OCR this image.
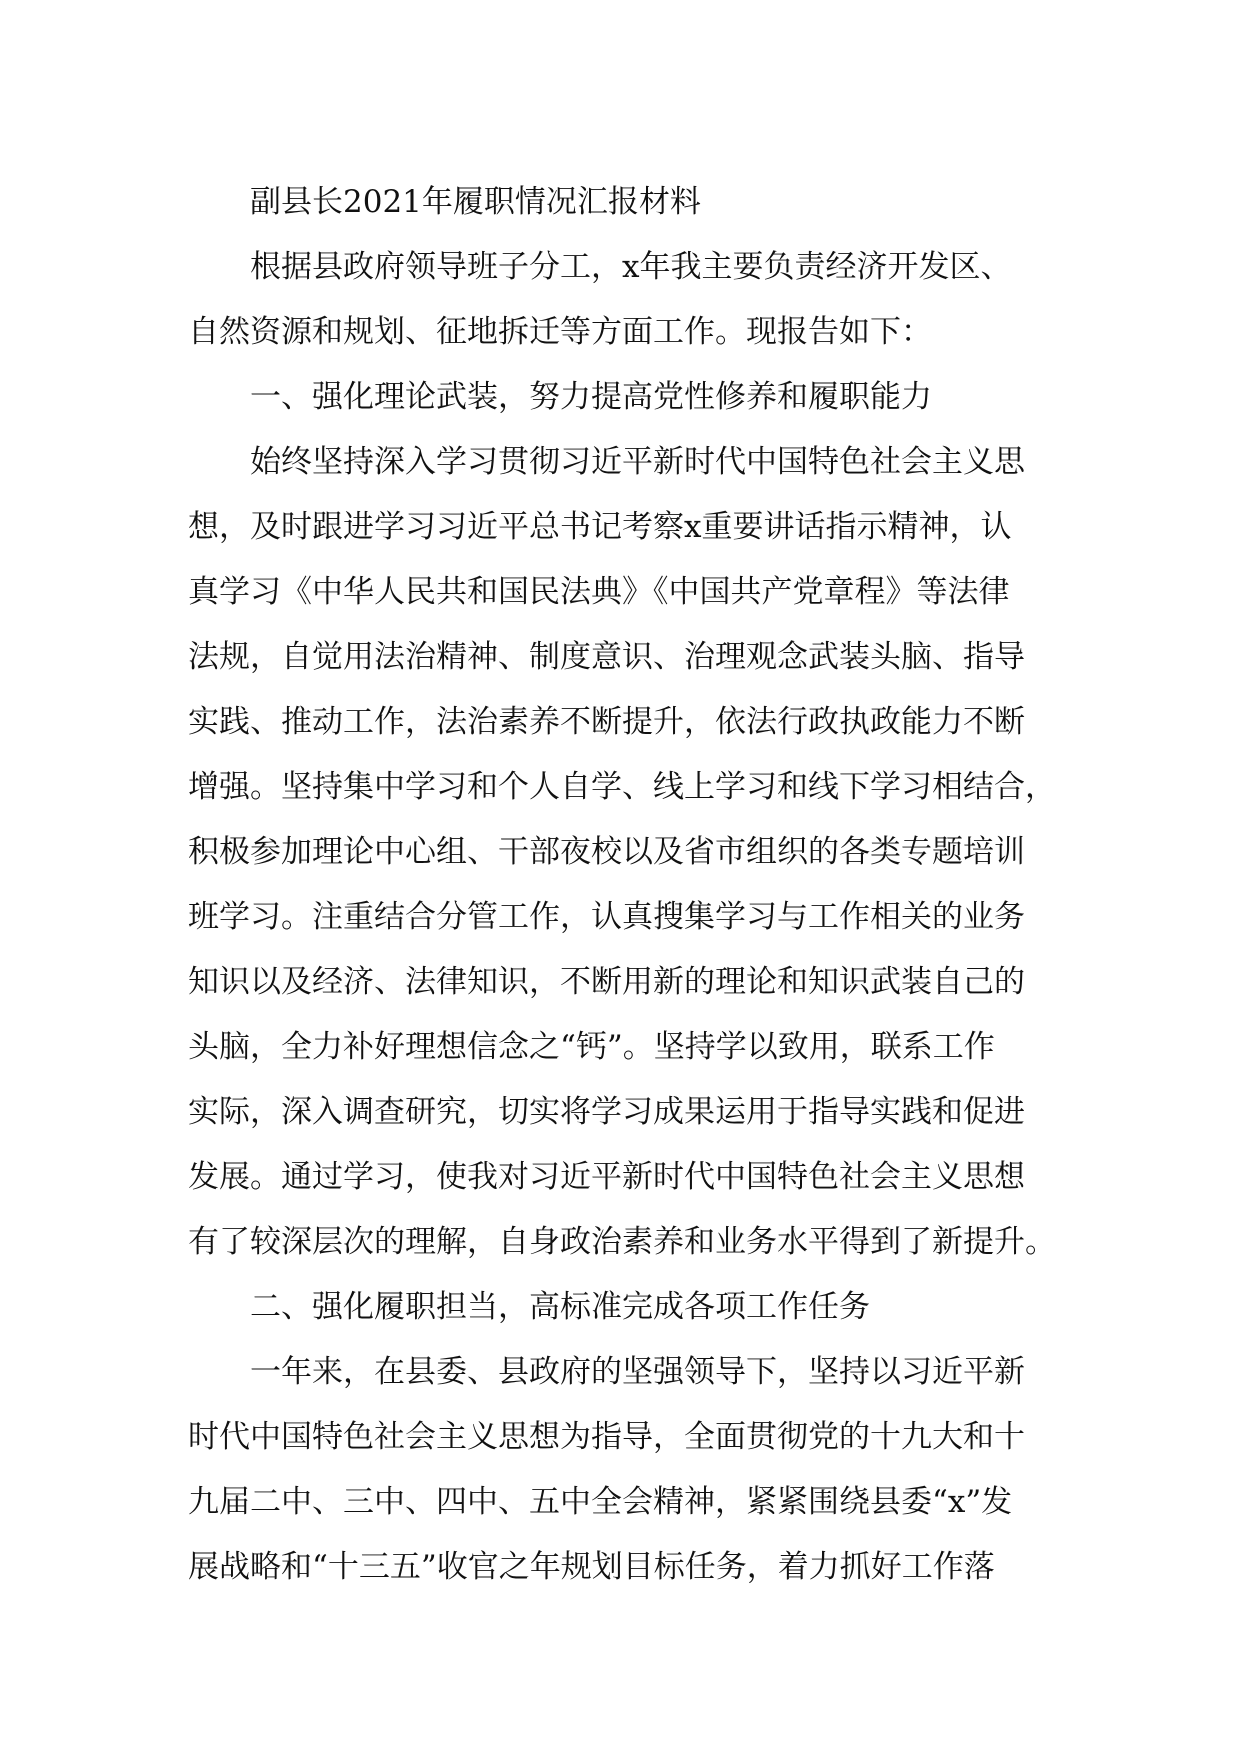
副县长2021年履职情况汇报材料
根据县政府领导班子分工，x年我主要负责经济开发区、
自然资源和规划、征地拆迁等方面工作。现报告如下：
一、强化理论武装，努力提高党性修养和履职能力
始终坚持深入学习贯彻习近平新时代中国特色社会主义思
想，及时跟进学习习近平总书记考察x重要讲话指示精神，认
真学习《中华人民共和国民法典》《中国共产党章程》等法律
法规，自觉用法治精神、制度意识、治理观念武装头脑、指导
实践、推动工作，法治素养不断提升，依法行政执政能力不断
增强。坚持集中学习和个人自学、线上学习和线下学习相结合，
积极参加理论中心组、干部夜校以及省市组织的各类专题培训
班学习。注重结合分管工作，认真搜集学习与工作相关的业务
知识以及经济、法律知识，不断用新的理论和知识武装自己的
头脑，全力补好理想信念之“钙”。坚持学以致用，联系工作
实际，深入调查研究，切实将学习成果运用于指导实践和促进
发展。通过学习，使我对习近平新时代中国特色社会主义思想
有了较深层次的理解，自身政治素养和业务水平得到了新提升。
二、强化履职担当，高标准完成各项工作任务
一年来，在县委、县政府的坚强领导下，坚持以习近平新
时代中国特色社会主义思想为指导，全面贯彻党的十九大和十
九届二中、三中、四中、五中全会精神，紧紧围绕县委“x”发
展战略和“十三五”收官之年规划目标任务，着力抓好工作落
